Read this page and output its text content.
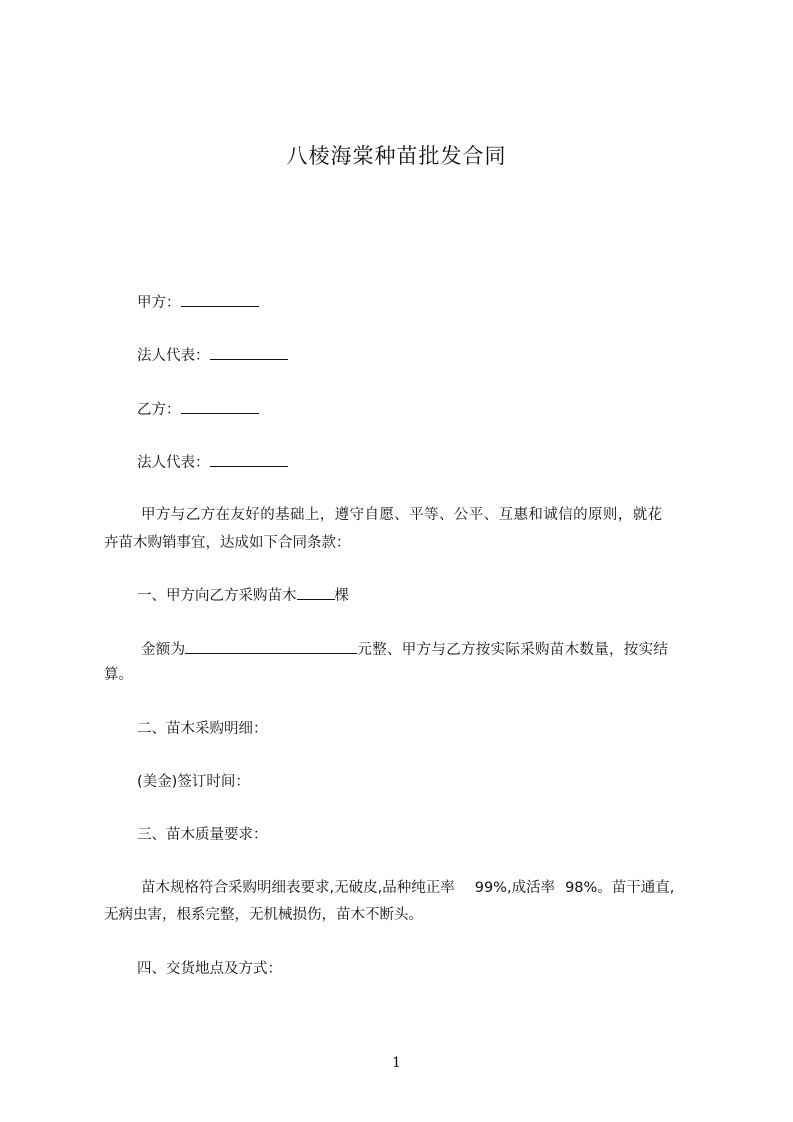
八棱海棠种苗批发合同
甲方：
法人代表：
乙方：
法人代表：
甲方与乙方在友好的基础上，遵守自愿、平等、公平、互惠和诚信的原则，就花
卉苗木购销事宜，达成如下合同条款：
一、甲方向乙方采购苗木	棵
金额为	元整、甲方与乙方按实际采购苗木数量，按实结
算。
二、苗木采购明细：
(美金)签订时间：
三、苗木质量要求：
苗木规格符合采购明细表要求,无破皮,品种纯正率 99%,成活率 98%。苗干通直,
无病虫害，根系完整，无机械损伤，苗木不断头。
四、交货地点及方式：
1
